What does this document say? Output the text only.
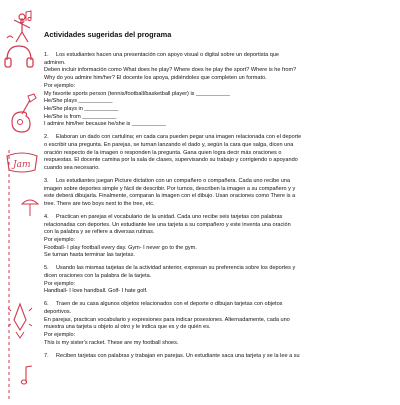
Jam
Actividades sugeridas del programa
1. Los estudiantes hacen una presentación con apoyo visual o digital sobre un deportista que
admiren.
Deben incluir información como What does he play? Where does he play the sport? Where is he from?
Why do you admire him/her? El docente los apoya, pidiéndoles que completen un formato.
Por ejemplo:
My favorite sports person (tennis/football/basketball player) is ___________
He/She plays ___________
He/She plays in ___________
He/She is from ___________
I admire him/her because he/she is ___________
2. Elaboran un dado con cartulina; en cada cara pueden pegar una imagen relacionada con el deporte
o escribir una pregunta. En parejas, se turnan lanzando el dado y, según la cara que salga, dicen una
oración respecto de la imagen o responden la pregunta. Gana quien logra decir más oraciones o
respuestas. El docente camina por la sala de clases, supervisando su trabajo y corrigiendo o apoyando
cuando sea necesario.
3. Los estudiantes juegan Picture dictation con un compañero o compañera. Cada uno recibe una
imagen sobre deportes simple y fácil de describir. Por turnos, describen la imagen a su compañero y y
este deberá dibujarla. Finalmente, comparan la imagen con el dibujo. Usan oraciones como There is a
tree. There are two boys next to the tree, etc.
4. Practican en parejas el vocabulario de la unidad. Cada uno recibe seis tarjetas con palabras
relacionadas con deportes. Un estudiante lee una tarjeta a su compañero y este inventa una oración
con la palabra y se refiere a diversas rutinas.
Por ejemplo:
Football- I play football every day. Gym- I never go to the gym.
Se turnan hasta terminar las tarjetas.
5. Usando las mismas tarjetas de la actividad anterior, expresan su preferencia sobre los deportes y
dicen oraciones con la palabra de la tarjeta.
Por ejemplo:
Handball- I love handball. Golf- I hate golf.
6. Traen de su casa algunos objetos relacionados con el deporte o dibujan tarjetas con objetos
deportivos.
En parejas, practican vocabulario y expresiones para indicar posesiones. Alternadamente, cada uno
muestra una tarjeta u objeto al otro y le indica que es y de quién es.
Por ejemplo:
This is my sister's racket. These are my football shoes.
7. Reciben tarjetas con palabras y trabajan en parejas. Un estudiante saca una tarjeta y se la lee a su
